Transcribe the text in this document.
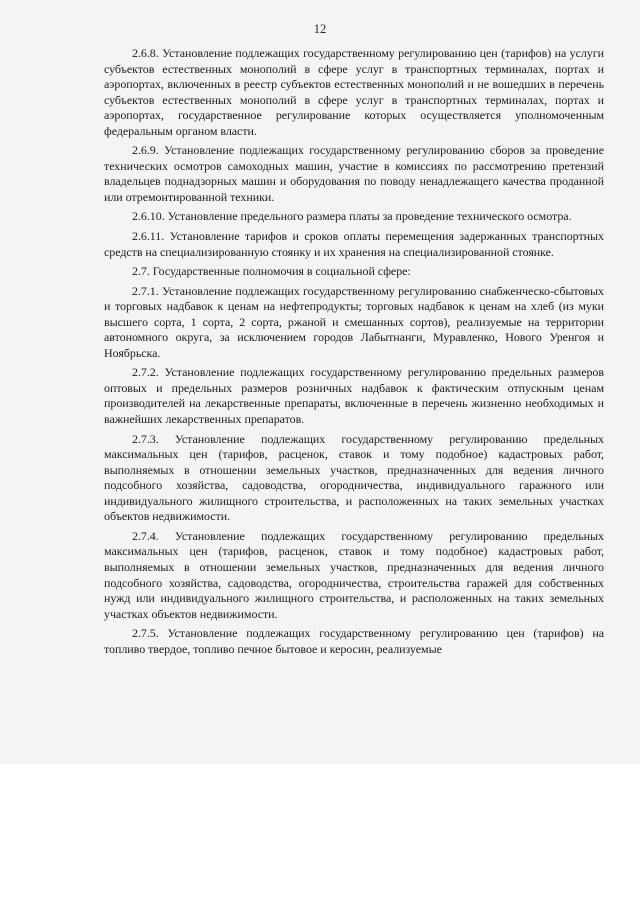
12

2.6.8. Установление подлежащих государственному регулированию цен (тарифов) на услуги субъектов естественных монополий в сфере услуг в транспортных терминалах, портах и аэропортах, включенных в реестр субъектов естественных монополий и не вошедших в перечень субъектов естественных монополий в сфере услуг в транспортных терминалах, портах и аэропортах, государственное регулирование которых осуществляется уполномоченным федеральным органом власти.

2.6.9. Установление подлежащих государственному регулированию сборов за проведение технических осмотров самоходных машин, участие в комиссиях по рассмотрению претензий владельцев поднадзорных машин и оборудования по поводу ненадлежащего качества проданной или отремонтированной техники.

2.6.10. Установление предельного размера платы за проведение технического осмотра.

2.6.11. Установление тарифов и сроков оплаты перемещения задержанных транспортных средств на специализированную стоянку и их хранения на специализированной стоянке.

2.7. Государственные полномочия в социальной сфере:

2.7.1. Установление подлежащих государственному регулированию снабженческо-сбытовых и торговых надбавок к ценам на нефтепродукты; торговых надбавок к ценам на хлеб (из муки высшего сорта, 1 сорта, 2 сорта, ржаной и смешанных сортов), реализуемые на территории автономного округа, за исключением городов Лабытнанги, Муравленко, Нового Уренгоя и Ноябрьска.

2.7.2. Установление подлежащих государственному регулированию предельных размеров оптовых и предельных размеров розничных надбавок к фактическим отпускным ценам производителей на лекарственные препараты, включенные в перечень жизненно необходимых и важнейших лекарственных препаратов.

2.7.3. Установление подлежащих государственному регулированию предельных максимальных цен (тарифов, расценок, ставок и тому подобное) кадастровых работ, выполняемых в отношении земельных участков, предназначенных для ведения личного подсобного хозяйства, садоводства, огородничества, индивидуального гаражного или индивидуального жилищного строительства, и расположенных на таких земельных участках объектов недвижимости.

2.7.4. Установление подлежащих государственному регулированию предельных максимальных цен (тарифов, расценок, ставок и тому подобное) кадастровых работ, выполняемых в отношении земельных участков, предназначенных для ведения личного подсобного хозяйства, садоводства, огородничества, строительства гаражей для собственных нужд или индивидуального жилищного строительства, и расположенных на таких земельных участках объектов недвижимости.

2.7.5. Установление подлежащих государственному регулированию цен (тарифов) на топливо твердое, топливо печное бытовое и керосин, реализуемые
